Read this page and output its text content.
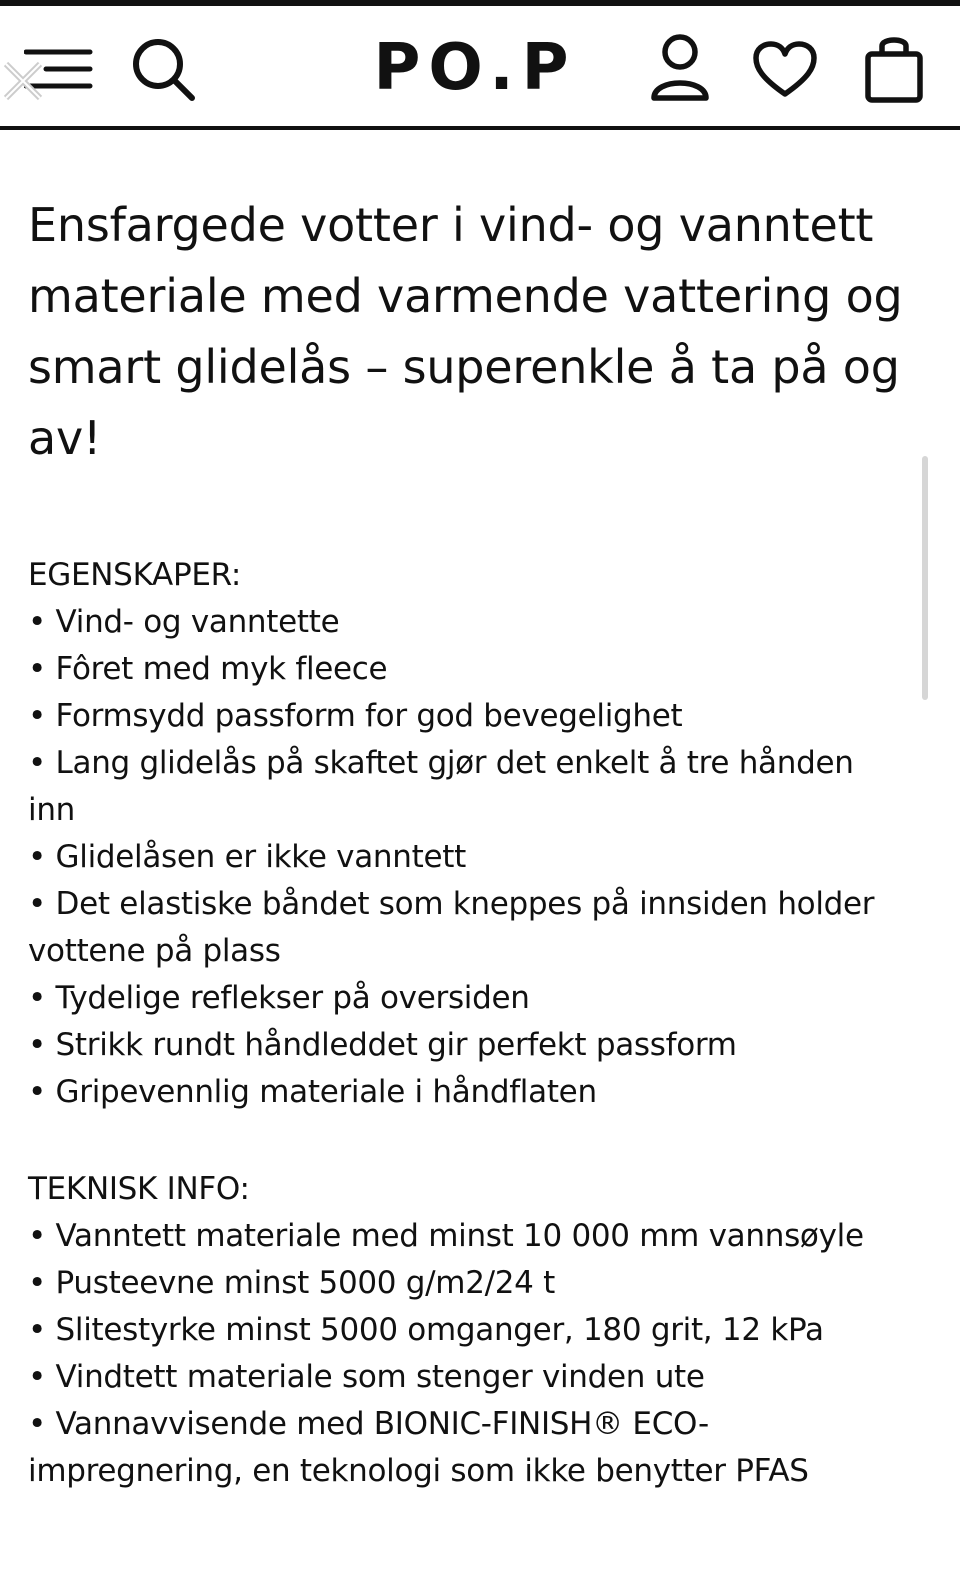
PO.P
Ensfargede votter i vind- og vanntett materiale med varmende vattering og smart glidelås – superenkle å ta på og av!
EGENSKAPER:
• Vind- og vanntette
• Fôret med myk fleece
• Formsydd passform for god bevegelighet
• Lang glidelås på skaftet gjør det enkelt å tre hånden inn
• Glidelåsen er ikke vanntett
• Det elastiske båndet som kneppes på innsiden holder vottene på plass
• Tydelige reflekser på oversiden
• Strikk rundt håndleddet gir perfekt passform
• Gripevennlig materiale i håndflaten
TEKNISK INFO:
• Vanntett materiale med minst 10 000 mm vannsøyle
• Pusteevne minst 5000 g/m2/24 t
• Slitestyrke minst 5000 omganger, 180 grit, 12 kPa
• Vindtett materiale som stenger vinden ute
• Vannavvisende med BIONIC-FINISH® ECO-impregnering, en teknologi som ikke benytter PFAS
